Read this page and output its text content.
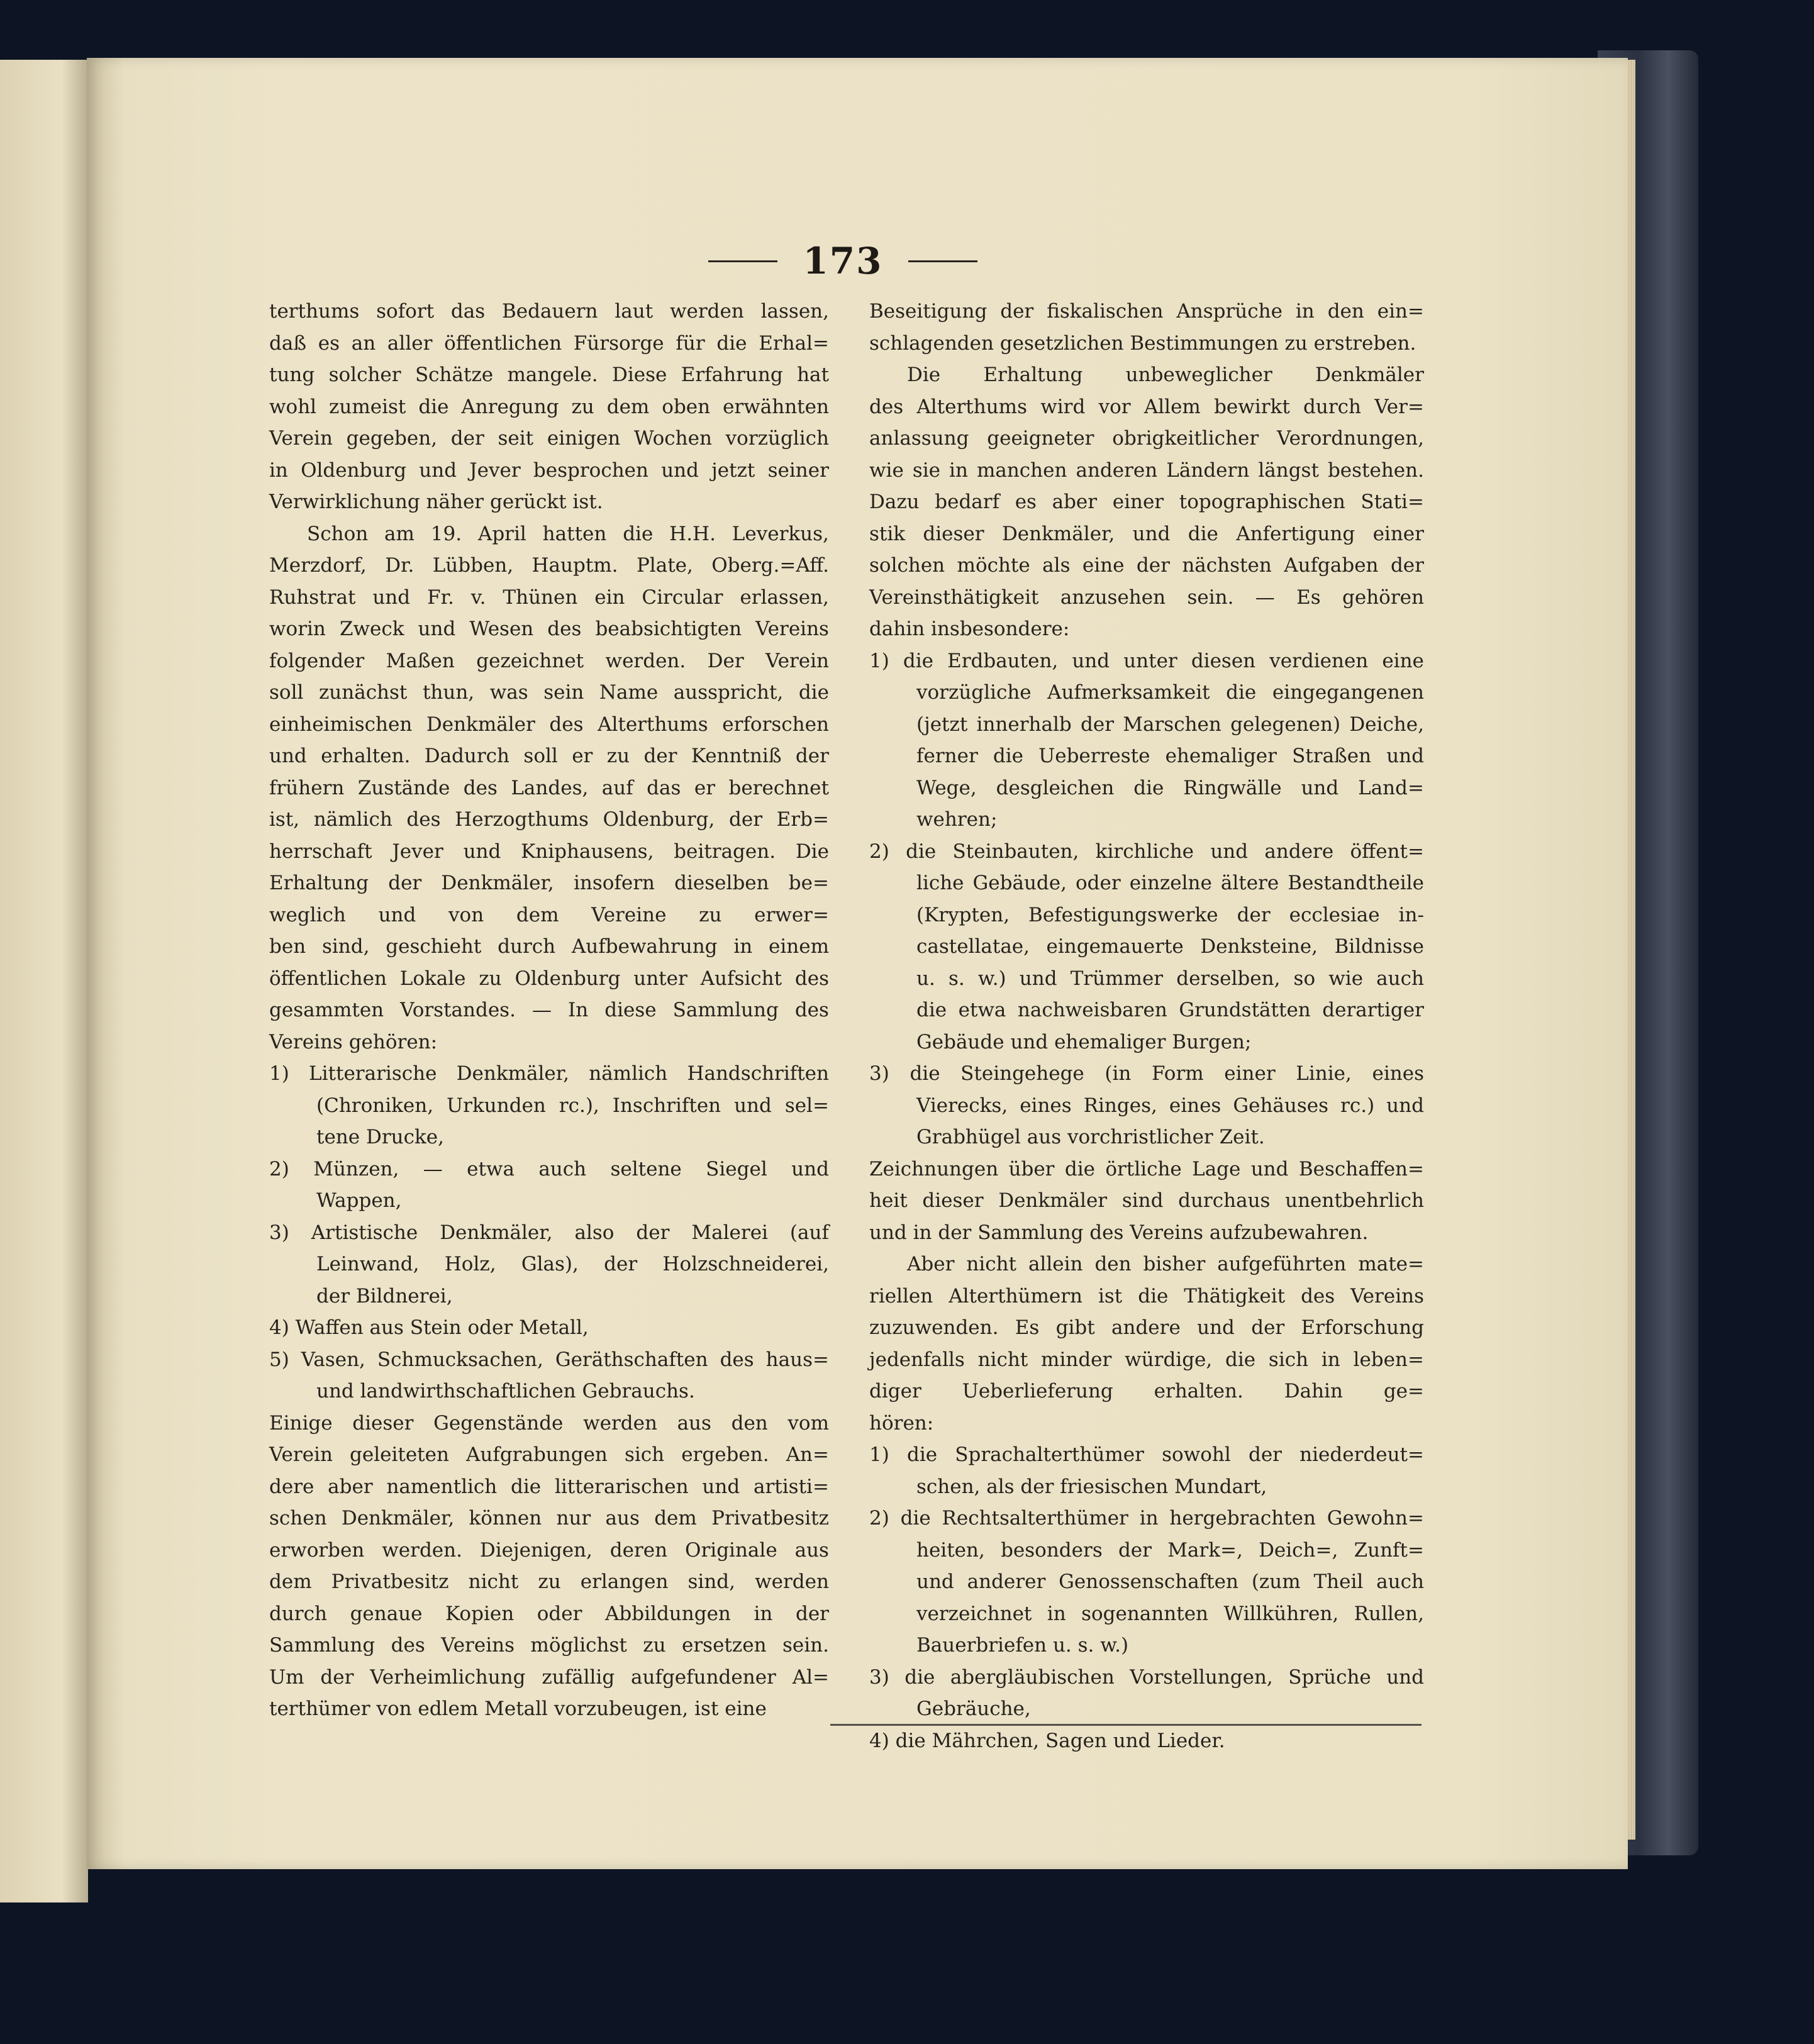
173
terthums sofort das Bedauern laut werden lassen,
daß es an aller öffentlichen Fürsorge für die Erhal=
tung solcher Schätze mangele. Diese Erfahrung hat
wohl zumeist die Anregung zu dem oben erwähnten
Verein gegeben, der seit einigen Wochen vorzüglich
in Oldenburg und Jever besprochen und jetzt seiner
Verwirklichung näher gerückt ist.
Schon am 19. April hatten die H.H. Leverkus,
Merzdorf, Dr. Lübben, Hauptm. Plate, Oberg.=Aff.
Ruhstrat und Fr. v. Thünen ein Circular erlassen,
worin Zweck und Wesen des beabsichtigten Vereins
folgender Maßen gezeichnet werden. Der Verein
soll zunächst thun, was sein Name ausspricht, die
einheimischen Denkmäler des Alterthums erforschen
und erhalten. Dadurch soll er zu der Kenntniß der
frühern Zustände des Landes, auf das er berechnet
ist, nämlich des Herzogthums Oldenburg, der Erb=
herrschaft Jever und Kniphausens, beitragen. Die
Erhaltung der Denkmäler, insofern dieselben be=
weglich und von dem Vereine zu erwer=
ben sind, geschieht durch Aufbewahrung in einem
öffentlichen Lokale zu Oldenburg unter Aufsicht des
gesammten Vorstandes. — In diese Sammlung des
Vereins gehören:
1) Litterarische Denkmäler, nämlich Handschriften
(Chroniken, Urkunden rc.), Inschriften und sel=
tene Drucke,
2) Münzen, — etwa auch seltene Siegel und
Wappen,
3) Artistische Denkmäler, also der Malerei (auf
Leinwand, Holz, Glas), der Holzschneiderei,
der Bildnerei,
4) Waffen aus Stein oder Metall,
5) Vasen, Schmucksachen, Geräthschaften des haus=
und landwirthschaftlichen Gebrauchs.
Einige dieser Gegenstände werden aus den vom
Verein geleiteten Aufgrabungen sich ergeben. An=
dere aber namentlich die litterarischen und artisti=
schen Denkmäler, können nur aus dem Privatbesitz
erworben werden. Diejenigen, deren Originale aus
dem Privatbesitz nicht zu erlangen sind, werden
durch genaue Kopien oder Abbildungen in der
Sammlung des Vereins möglichst zu ersetzen sein.
Um der Verheimlichung zufällig aufgefundener Al=
terthümer von edlem Metall vorzubeugen, ist eine
Beseitigung der fiskalischen Ansprüche in den ein=
schlagenden gesetzlichen Bestimmungen zu erstreben.
Die Erhaltung unbeweglicher Denkmäler
des Alterthums wird vor Allem bewirkt durch Ver=
anlassung geeigneter obrigkeitlicher Verordnungen,
wie sie in manchen anderen Ländern längst bestehen.
Dazu bedarf es aber einer topographischen Stati=
stik dieser Denkmäler, und die Anfertigung einer
solchen möchte als eine der nächsten Aufgaben der
Vereinsthätigkeit anzusehen sein. — Es gehören
dahin insbesondere:
1) die Erdbauten, und unter diesen verdienen eine
vorzügliche Aufmerksamkeit die eingegangenen
(jetzt innerhalb der Marschen gelegenen) Deiche,
ferner die Ueberreste ehemaliger Straßen und
Wege, desgleichen die Ringwälle und Land=
wehren;
2) die Steinbauten, kirchliche und andere öffent=
liche Gebäude, oder einzelne ältere Bestandtheile
(Krypten, Befestigungswerke der ecclesiae in-
castellatae, eingemauerte Denksteine, Bildnisse
u. s. w.) und Trümmer derselben, so wie auch
die etwa nachweisbaren Grundstätten derartiger
Gebäude und ehemaliger Burgen;
3) die Steingehege (in Form einer Linie, eines
Vierecks, eines Ringes, eines Gehäuses rc.) und
Grabhügel aus vorchristlicher Zeit.
Zeichnungen über die örtliche Lage und Beschaffen=
heit dieser Denkmäler sind durchaus unentbehrlich
und in der Sammlung des Vereins aufzubewahren.
Aber nicht allein den bisher aufgeführten mate=
riellen Alterthümern ist die Thätigkeit des Vereins
zuzuwenden. Es gibt andere und der Erforschung
jedenfalls nicht minder würdige, die sich in leben=
diger Ueberlieferung erhalten. Dahin ge=
hören:
1) die Sprachalterthümer sowohl der niederdeut=
schen, als der friesischen Mundart,
2) die Rechtsalterthümer in hergebrachten Gewohn=
heiten, besonders der Mark=, Deich=, Zunft=
und anderer Genossenschaften (zum Theil auch
verzeichnet in sogenannten Willkühren, Rullen,
Bauerbriefen u. s. w.)
3) die abergläubischen Vorstellungen, Sprüche und
Gebräuche,
4) die Mährchen, Sagen und Lieder.
